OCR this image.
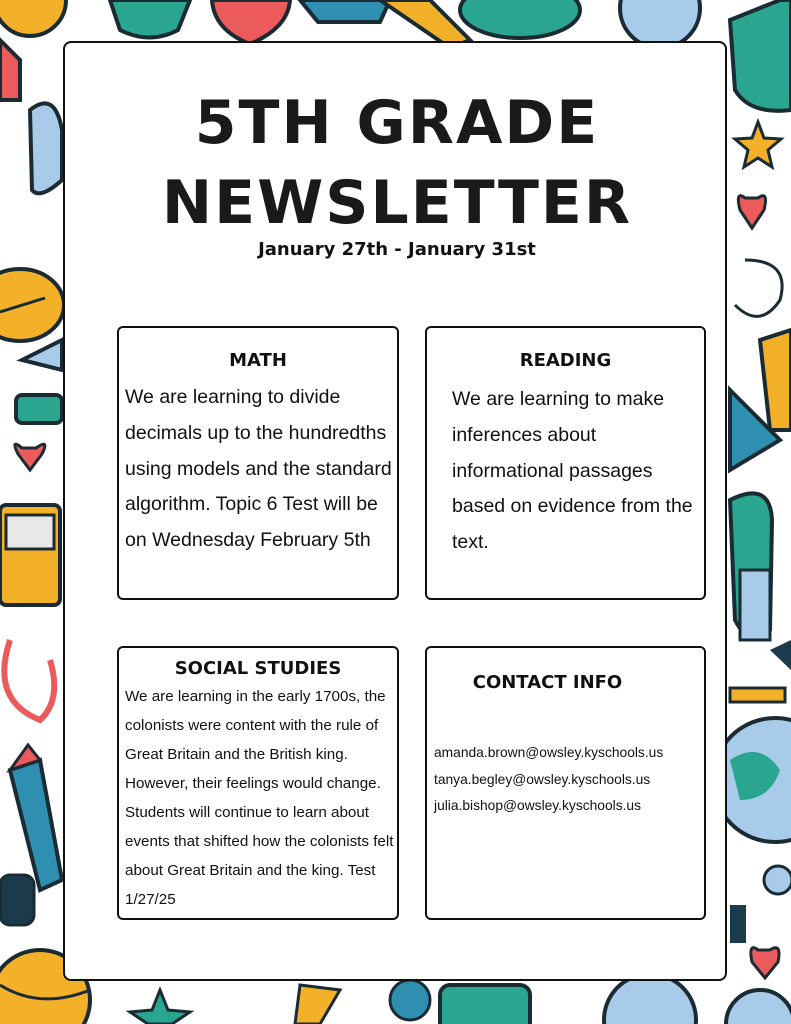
5TH GRADE
NEWSLETTER
January 27th - January 31st
MATH

We are learning to divide decimals up to the hundredths using models and the standard algorithm. Topic 6 Test will be on Wednesday February 5th

READING

We are learning to make inferences about informational passages based on evidence from the text.

SOCIAL STUDIES

We are learning in the early 1700s, the colonists were content with the rule of Great Britain and the British king. However, their feelings would change. Students will continue to learn about events that shifted how the colonists felt about Great Britain and the king. Test 1/27/25

CONTACT INFO
amanda.brown@owsley.kyschools.us
tanya.begley@owsley.kyschools.us
julia.bishop@owsley.kyschools.us
